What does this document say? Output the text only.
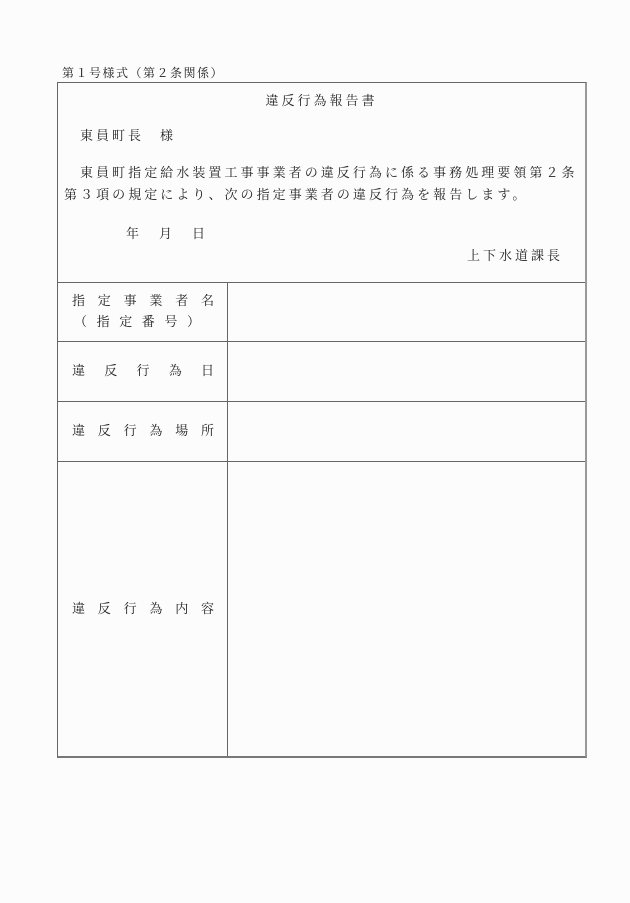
第１号様式（第２条関係）
違反行為報告書
東員町長 様
東員町指定給水装置工事事業者の違反行為に係る事務処理要領第２条第３項の規定により、次の指定事業者の違反行為を報告します。
年 月 日
上下水道課長
指 定 事 業 者 名
（ 指 定 番 号 ）
違 反 行 為 日
違 反 行 為 場 所
違 反 行 為 内 容
